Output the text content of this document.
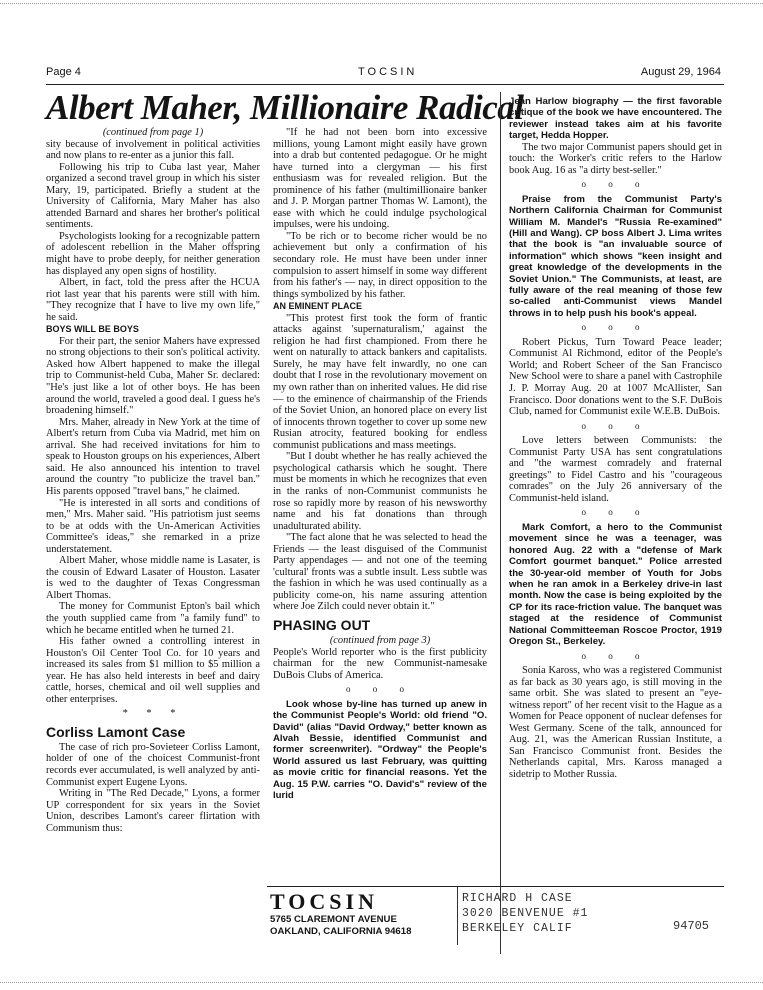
Page 4	TOCSIN	August 29, 1964
Albert Maher, Millionaire Radical

(continued from page 1)

sity because of involvement in political activities and now plans to re-enter as a junior this fall.

Following his trip to Cuba last year, Maher organized a second travel group in which his sister Mary, 19, participated. Briefly a student at the University of California, Mary Maher has also attended Barnard and shares her brother's political sentiments.

Psychologists looking for a recognizable pattern of adolescent rebellion in the Maher offspring might have to probe deeply, for neither generation has displayed any open signs of hostility.

Albert, in fact, told the press after the HCUA riot last year that his parents were still with him. "They recognize that I have to live my own life," he said.

BOYS WILL BE BOYS

For their part, the senior Mahers have expressed no strong objections to their son's political activity. Asked how Albert happened to make the illegal trip to Communist-held Cuba, Maher Sr. declared: "He's just like a lot of other boys. He has been around the world, traveled a good deal. I guess he's broadening himself."

Mrs. Maher, already in New York at the time of Albert's return from Cuba via Madrid, met him on arrival. She had received invitations for him to speak to Houston groups on his experiences, Albert said. He also announced his intention to travel around the country "to publicize the travel ban." His parents opposed "travel bans," he claimed.

"He is interested in all sorts and conditions of men," Mrs. Maher said. "His patriotism just seems to be at odds with the Un-American Activities Committee's ideas," she remarked in a prize understatement.

Albert Maher, whose middle name is Lasater, is the cousin of Edward Lasater of Houston. Lasater is wed to the daughter of Texas Congressman Albert Thomas.

The money for Communist Epton's bail which the youth supplied came from "a family fund" to which he became entitled when he turned 21.

His father owned a controlling interest in Houston's Oil Center Tool Co. for 10 years and increased its sales from $1 million to $5 million a year. He has also held interests in beef and dairy cattle, horses, chemical and oil well supplies and other enterprises.

* * *

Corliss Lamont Case

The case of rich pro-Sovieteer Corliss Lamont, holder of one of the choicest Communist-front records ever accumulated, is well analyzed by anti-Communist expert Eugene Lyons.

Writing in "The Red Decade," Lyons, a former UP correspondent for six years in the Soviet Union, describes Lamont's career flirtation with Communism thus:

"If he had not been born into excessive millions, young Lamont might easily have grown into a drab but contented pedagogue. Or he might have turned into a clergyman — his first enthusiasm was for revealed religion. But the prominence of his father (multimillionaire banker and J. P. Morgan partner Thomas W. Lamont), the ease with which he could indulge psychological impulses, were his undoing.

"To be rich or to become richer would be no achievement but only a confirmation of his secondary role. He must have been under inner compulsion to assert himself in some way different from his father's — nay, in direct opposition to the things symbolized by his father.

AN EMINENT PLACE

"This protest first took the form of frantic attacks against 'supernaturalism,' against the religion he had first championed. From there he went on naturally to attack bankers and capitalists. Surely, he may have felt inwardly, no one can doubt that I rose in the revolutionary movement on my own rather than on inherited values. He did rise — to the eminence of chairmanship of the Friends of the Soviet Union, an honored place on every list of innocents thrown together to cover up some new Rusian atrocity, featured booking for endless communist publications and mass meetings.

"But I doubt whether he has really achieved the psychological catharsis which he sought. There must be moments in which he recognizes that even in the ranks of non-Communist communists he rose so rapidly more by reason of his newsworthy name and his fat donations than through unadulturated ability.

"The fact alone that he was selected to head the Friends — the least disguised of the Communist Party appendages — and not one of the teeming 'cultural' fronts was a subtle insult. Less subtle was the fashion in which he was used continually as a publicity come-on, his name assuring attention where Joe Zilch could never obtain it."

PHASING OUT

(continued from page 3)

People's World reporter who is the first publicity chairman for the new Communist-namesake DuBois Clubs of America.

o o o

Look whose by-line has turned up anew in the Communist People's World: old friend "O. David" (alias "David Ordway," better known as Alvah Bessie, identified Communist and former screenwriter). "Ordway" the People's World assured us last February, was quitting as movie critic for financial reasons. Yet the Aug. 15 P.W. carries "O. David's" review of the lurid

Jean Harlow biography — the first favorable critique of the book we have encountered. The reviewer instead takes aim at his favorite target, Hedda Hopper.

The two major Communist papers should get in touch: the Worker's critic refers to the Harlow book Aug. 16 as "a dirty best-seller."

o o o

Praise from the Communist Party's Northern California Chairman for Communist William M. Mandel's "Russia Re-examined" (Hill and Wang). CP boss Albert J. Lima writes that the book is "an invaluable source of information" which shows "keen insight and great knowledge of the developments in the Soviet Union." The Communists, at least, are fully aware of the real meaning of those few so-called anti-Communist views Mandel throws in to help push his book's appeal.

o o o

Robert Pickus, Turn Toward Peace leader; Communist Al Richmond, editor of the People's World; and Robert Scheer of the San Francisco New School were to share a panel with Castrophile J. P. Morray Aug. 20 at 1007 McAllister, San Francisco. Door donations went to the S.F. DuBois Club, named for Communist exile W.E.B. DuBois.

o o o

Love letters between Communists: the Communist Party USA has sent congratulations and "the warmest comradely and fraternal greetings" to Fidel Castro and his "courageous comrades" on the July 26 anniversary of the Communist-held island.

o o o

Mark Comfort, a hero to the Communist movement since he was a teenager, was honored Aug. 22 with a "defense of Mark Comfort gourmet banquet." Police arrested the 30-year-old member of Youth for Jobs when he ran amok in a Berkeley drive-in last month. Now the case is being exploited by the CP for its race-friction value. The banquet was staged at the residence of Communist National Committeeman Roscoe Proctor, 1919 Oregon St., Berkeley.

o o o

Sonia Kaross, who was a registered Communist as far back as 30 years ago, is still moving in the same orbit. She was slated to present an "eye-witness report" of her recent visit to the Hague as a Women for Peace opponent of nuclear defenses for West Germany. Scene of the talk, announced for Aug. 21, was the American Russian Institute, a San Francisco Communist front. Besides the Netherlands capital, Mrs. Kaross managed a sidetrip to Mother Russia.

TOCSIN
5765 CLAREMONT AVENUE
OAKLAND, CALIFORNIA 94618
RICHARD H CASE
3020 BENVENUE #1
BERKELEY CALIF	94705
